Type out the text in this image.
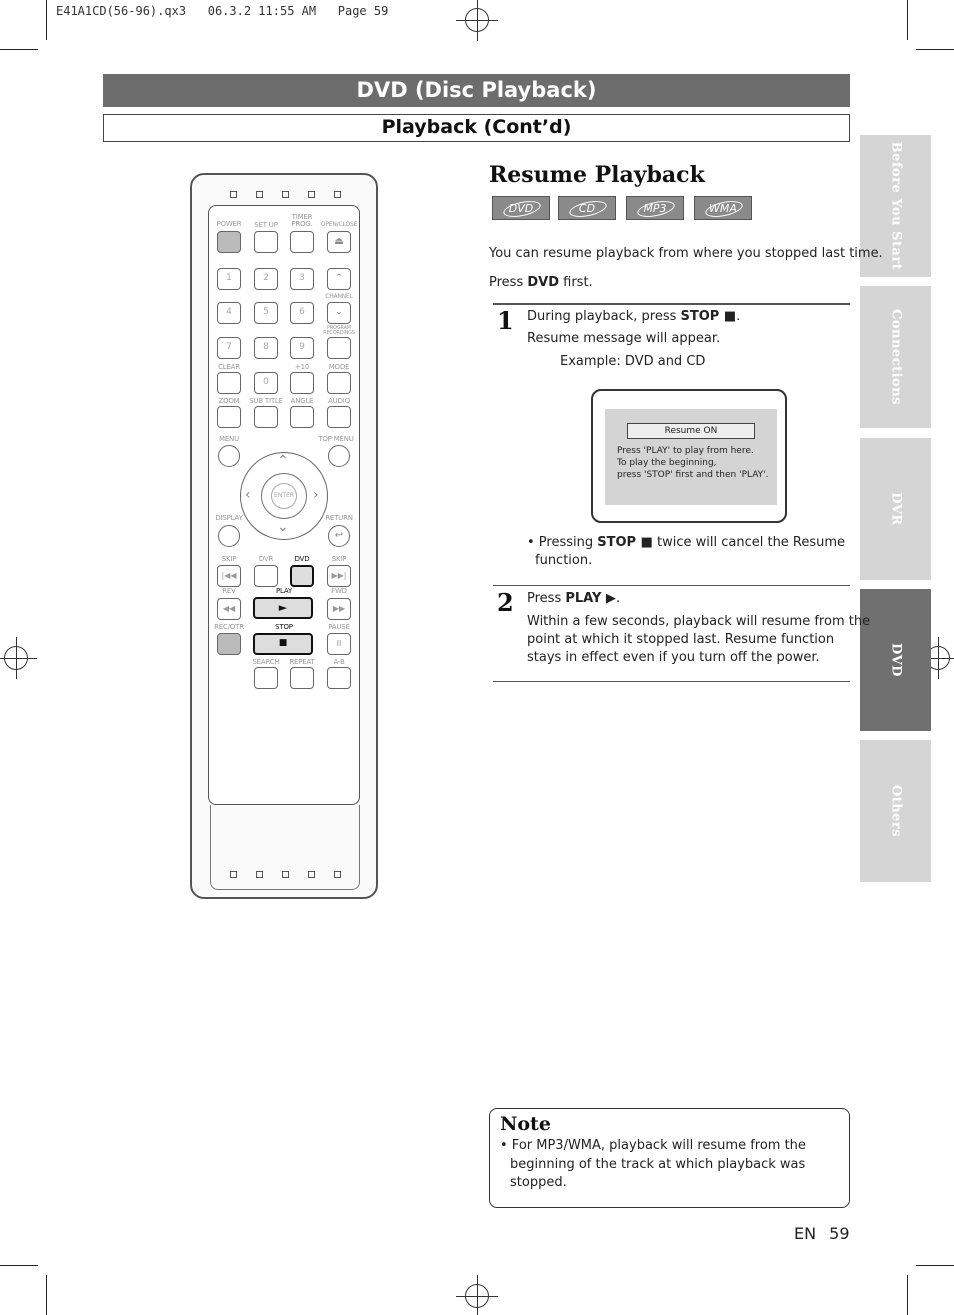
E41A1CD(56-96).qx3   06.3.2 11:55 AM   Page 59
DVD (Disc Playback)
Playback (Cont’d)
Before You Start
Connections
DVR
DVD
Others
POWER	SET UP
TIMER PROG.	OPEN/CLOSE
⏏
1	2	3	⌃
CHANNEL
4	5	6	⌄
PROGRAM RECORDINGS
7	8	9
CLEAR	+10	MODE
0
ZOOM	SUB TITLE	ANGLE	AUDIO
MENU	TOP MENU
ENTER
⌃
⌄
‹	›
DISPLAY	RETURN
↩
SKIP	DVR	DVD	SKIP
|◀◀	▶▶|
REV	PLAY	FWD
◀◀	►	▶▶
REC/OTR	STOP	PAUSE
■	II
SEARCH	REPEAT	A-B
Resume Playback
DVD	CD	MP3	WMA
You can resume playback from where you stopped last time.
Press DVD first.
1 During playback, press STOP ■.
Resume message will appear.
Example: DVD and CD
Resume ON
Press 'PLAY' to play from here.
To play the beginning,
press 'STOP' first and then 'PLAY'.
• Pressing STOP ■ twice will cancel the Resume
function.
2 Press PLAY ▶.
Within a few seconds, playback will resume from the
point at which it stopped last. Resume function
stays in effect even if you turn off the power.
Note
• For MP3/WMA, playback will resume from the
beginning of the track at which playback was
stopped.
EN 59
